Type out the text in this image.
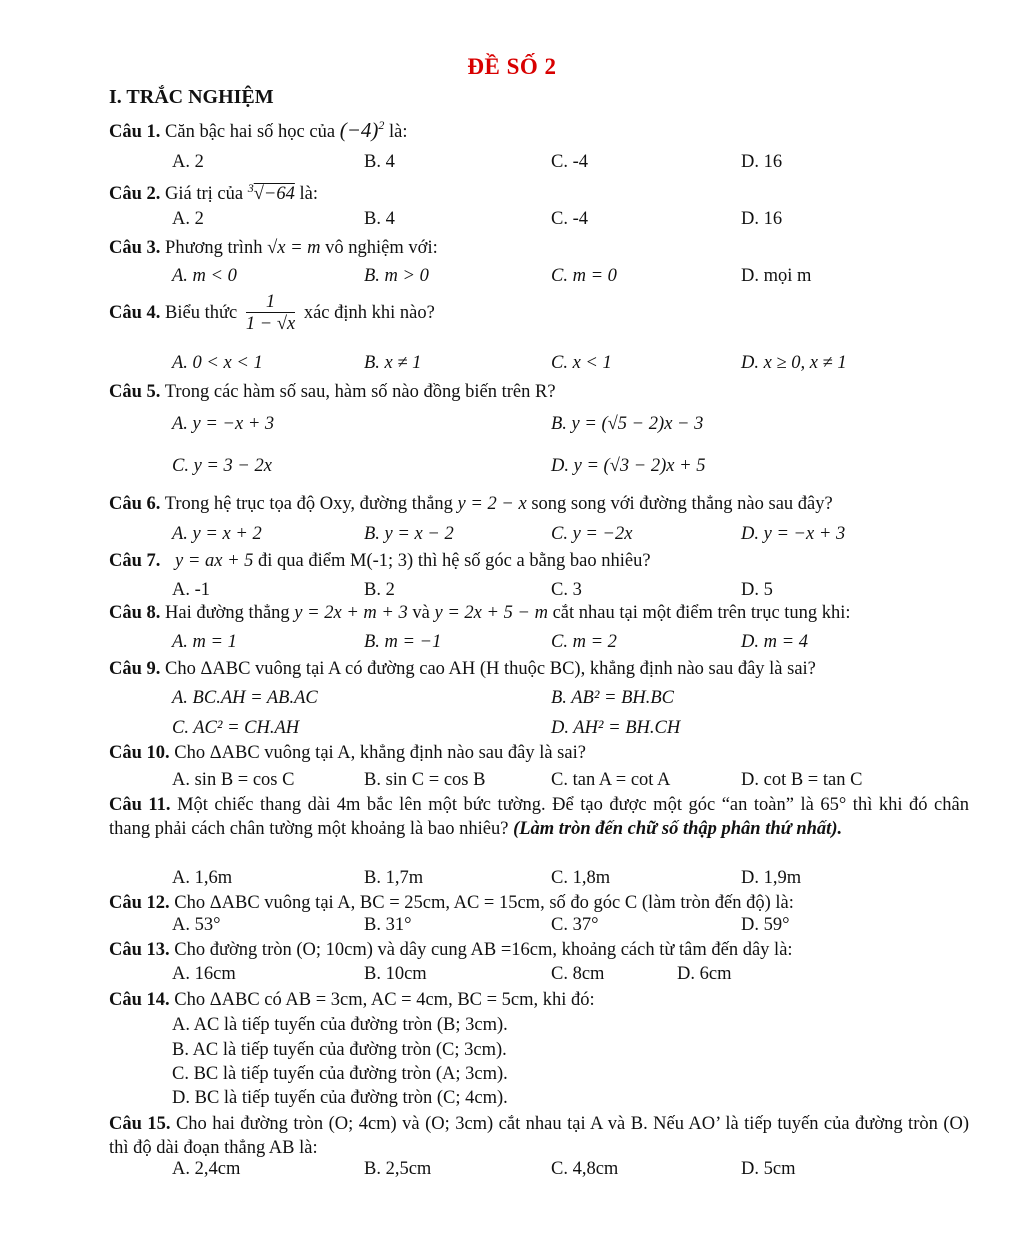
ĐỀ SỐ 2
I. TRẮC NGHIỆM
Câu 1. Căn bậc hai số học của $(-4)^2$ là:
A. 2	B. 4	C. -4	D. 16
Câu 2. Giá trị của $^3$√−64 là:
A. 2	B. 4	C. -4	D. 16
Câu 3. Phương trình √x = m vô nghiệm với:
A. m < 0	B. m > 0	C. m = 0	D. mọi m
Câu 4. Biểu thức $\frac{1}{1 - √x}$ xác định khi nào?
A. 0 < x < 1	B. x ≠ 1	C. x < 1	D. x ≥ 0, x ≠ 1
Câu 5. Trong các hàm số sau, hàm số nào đồng biến trên R?
A. y = −x + 3	B. y = (√5 − 2)x − 3
C. y = 3 − 2x	D. y = (√3 − 2)x + 5
Câu 6. Trong hệ trục tọa độ Oxy, đường thẳng y = 2 − x song song với đường thẳng nào sau đây?
A. y = x + 2	B. y = x − 2	C. y = −2x	D. y = −x + 3
Câu 7. y = ax + 5 đi qua điểm M(-1; 3) thì hệ số góc a bằng bao nhiêu?
A. -1	B. 2	C. 3	D. 5
Câu 8. Hai đường thẳng y = 2x + m + 3 và y = 2x + 5 − m cắt nhau tại một điểm trên trục tung khi:
A. m = 1	B. m = −1	C. m = 2	D. m = 4
Câu 9. Cho ΔABC vuông tại A có đường cao AH (H thuộc BC), khẳng định nào sau đây là sai?
A. BC.AH = AB.AC	B. AB² = BH.BC
C. AC² = CH.AH	D. AH² = BH.CH
Câu 10. Cho ΔABC vuông tại A, khẳng định nào sau đây là sai?
A. sin B = cos C	B. sin C = cos B	C. tan A = cot A	D. cot B = tan C
Câu 11. Một chiếc thang dài 4m bắc lên một bức tường. Để tạo được một góc “an toàn” là 65° thì khi đó chân thang phải cách chân tường một khoảng là bao nhiêu? (Làm tròn đến chữ số thập phân thứ nhất).
A. 1,6m	B. 1,7m	C. 1,8m	D. 1,9m
Câu 12. Cho ΔABC vuông tại A, BC = 25cm, AC = 15cm, số đo góc C (làm tròn đến độ) là:
A. 53°	B. 31°	C. 37°	D. 59°
Câu 13. Cho đường tròn (O; 10cm) và dây cung AB =16cm, khoảng cách từ tâm đến dây là:
A. 16cm	B. 10cm	C. 8cm	D. 6cm
Câu 14. Cho ΔABC có AB = 3cm, AC = 4cm, BC = 5cm, khi đó:
A. AC là tiếp tuyến của đường tròn (B; 3cm).
B. AC là tiếp tuyến của đường tròn (C; 3cm).
C. BC là tiếp tuyến của đường tròn (A; 3cm).
D. BC là tiếp tuyến của đường tròn (C; 4cm).
Câu 15. Cho hai đường tròn (O; 4cm) và (O; 3cm) cắt nhau tại A và B. Nếu AO’ là tiếp tuyến của đường tròn (O) thì độ dài đoạn thẳng AB là:
A. 2,4cm	B. 2,5cm	C. 4,8cm	D. 5cm
